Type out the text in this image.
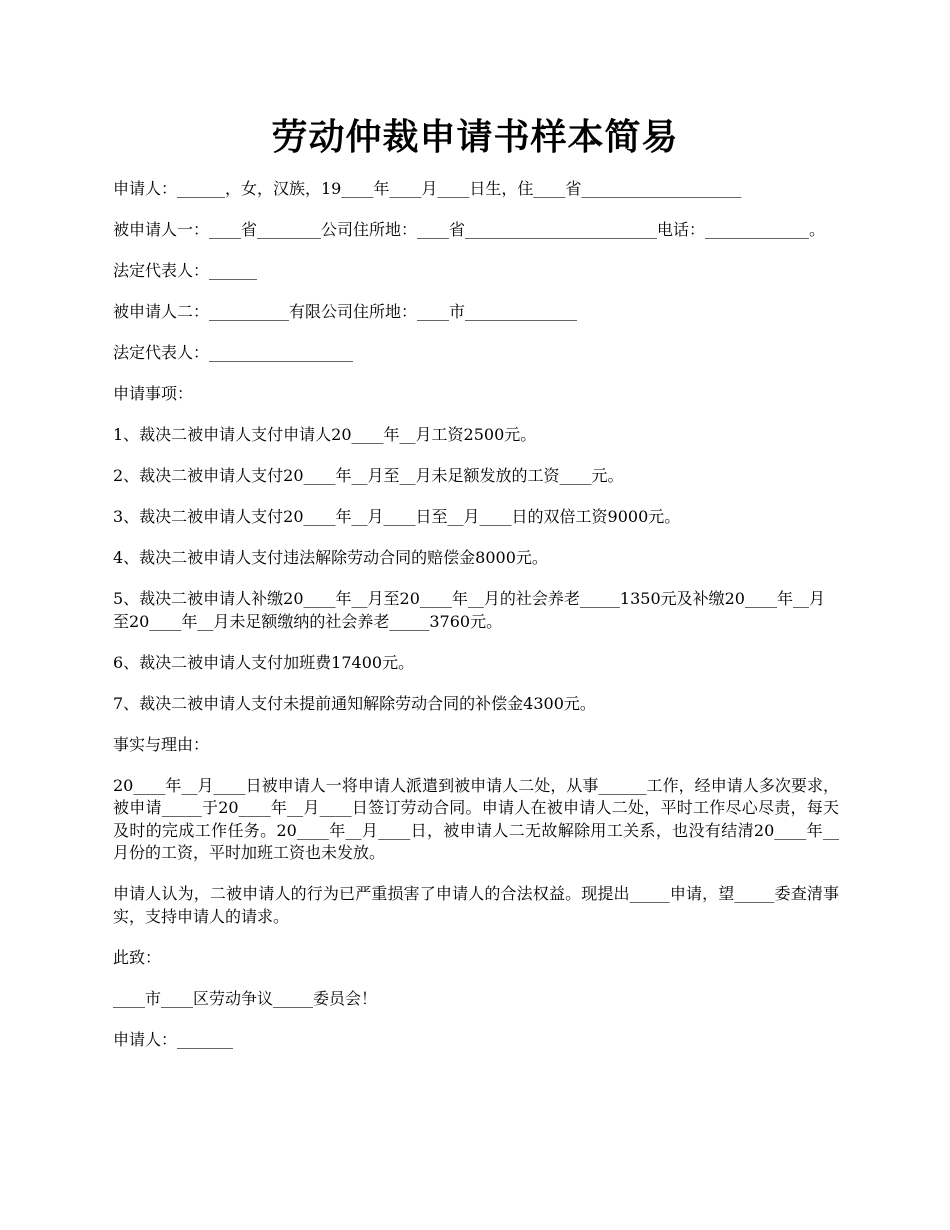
劳动仲裁申请书样本简易

申请人：______，女，汉族，19____年____月____日生，住____省____________________

被申请人一：____省________公司住所地：____省________________________电话：_____________。

法定代表人：______

被申请人二：__________有限公司住所地：____市______________

法定代表人：__________________

申请事项：

1、裁决二被申请人支付申请人20____年__月工资2500元。

2、裁决二被申请人支付20____年__月至__月未足额发放的工资____元。

3、裁决二被申请人支付20____年__月____日至__月____日的双倍工资9000元。

4、裁决二被申请人支付违法解除劳动合同的赔偿金8000元。

5、裁决二被申请人补缴20____年__月至20____年__月的社会养老_____1350元及补缴20____年__月至20____年__月未足额缴纳的社会养老_____3760元。

6、裁决二被申请人支付加班费17400元。

7、裁决二被申请人支付未提前通知解除劳动合同的补偿金4300元。

事实与理由：

20____年__月____日被申请人一将申请人派遣到被申请人二处，从事______工作，经申请人多次要求，被申请_____于20____年__月____日签订劳动合同。申请人在被申请人二处，平时工作尽心尽责，每天及时的完成工作任务。20____年__月____日，被申请人二无故解除用工关系，也没有结清20____年__月份的工资，平时加班工资也未发放。

申请人认为，二被申请人的行为已严重损害了申请人的合法权益。现提出_____申请，望_____委查清事实，支持申请人的请求。

此致：

____市____区劳动争议_____委员会！

申请人：_______
